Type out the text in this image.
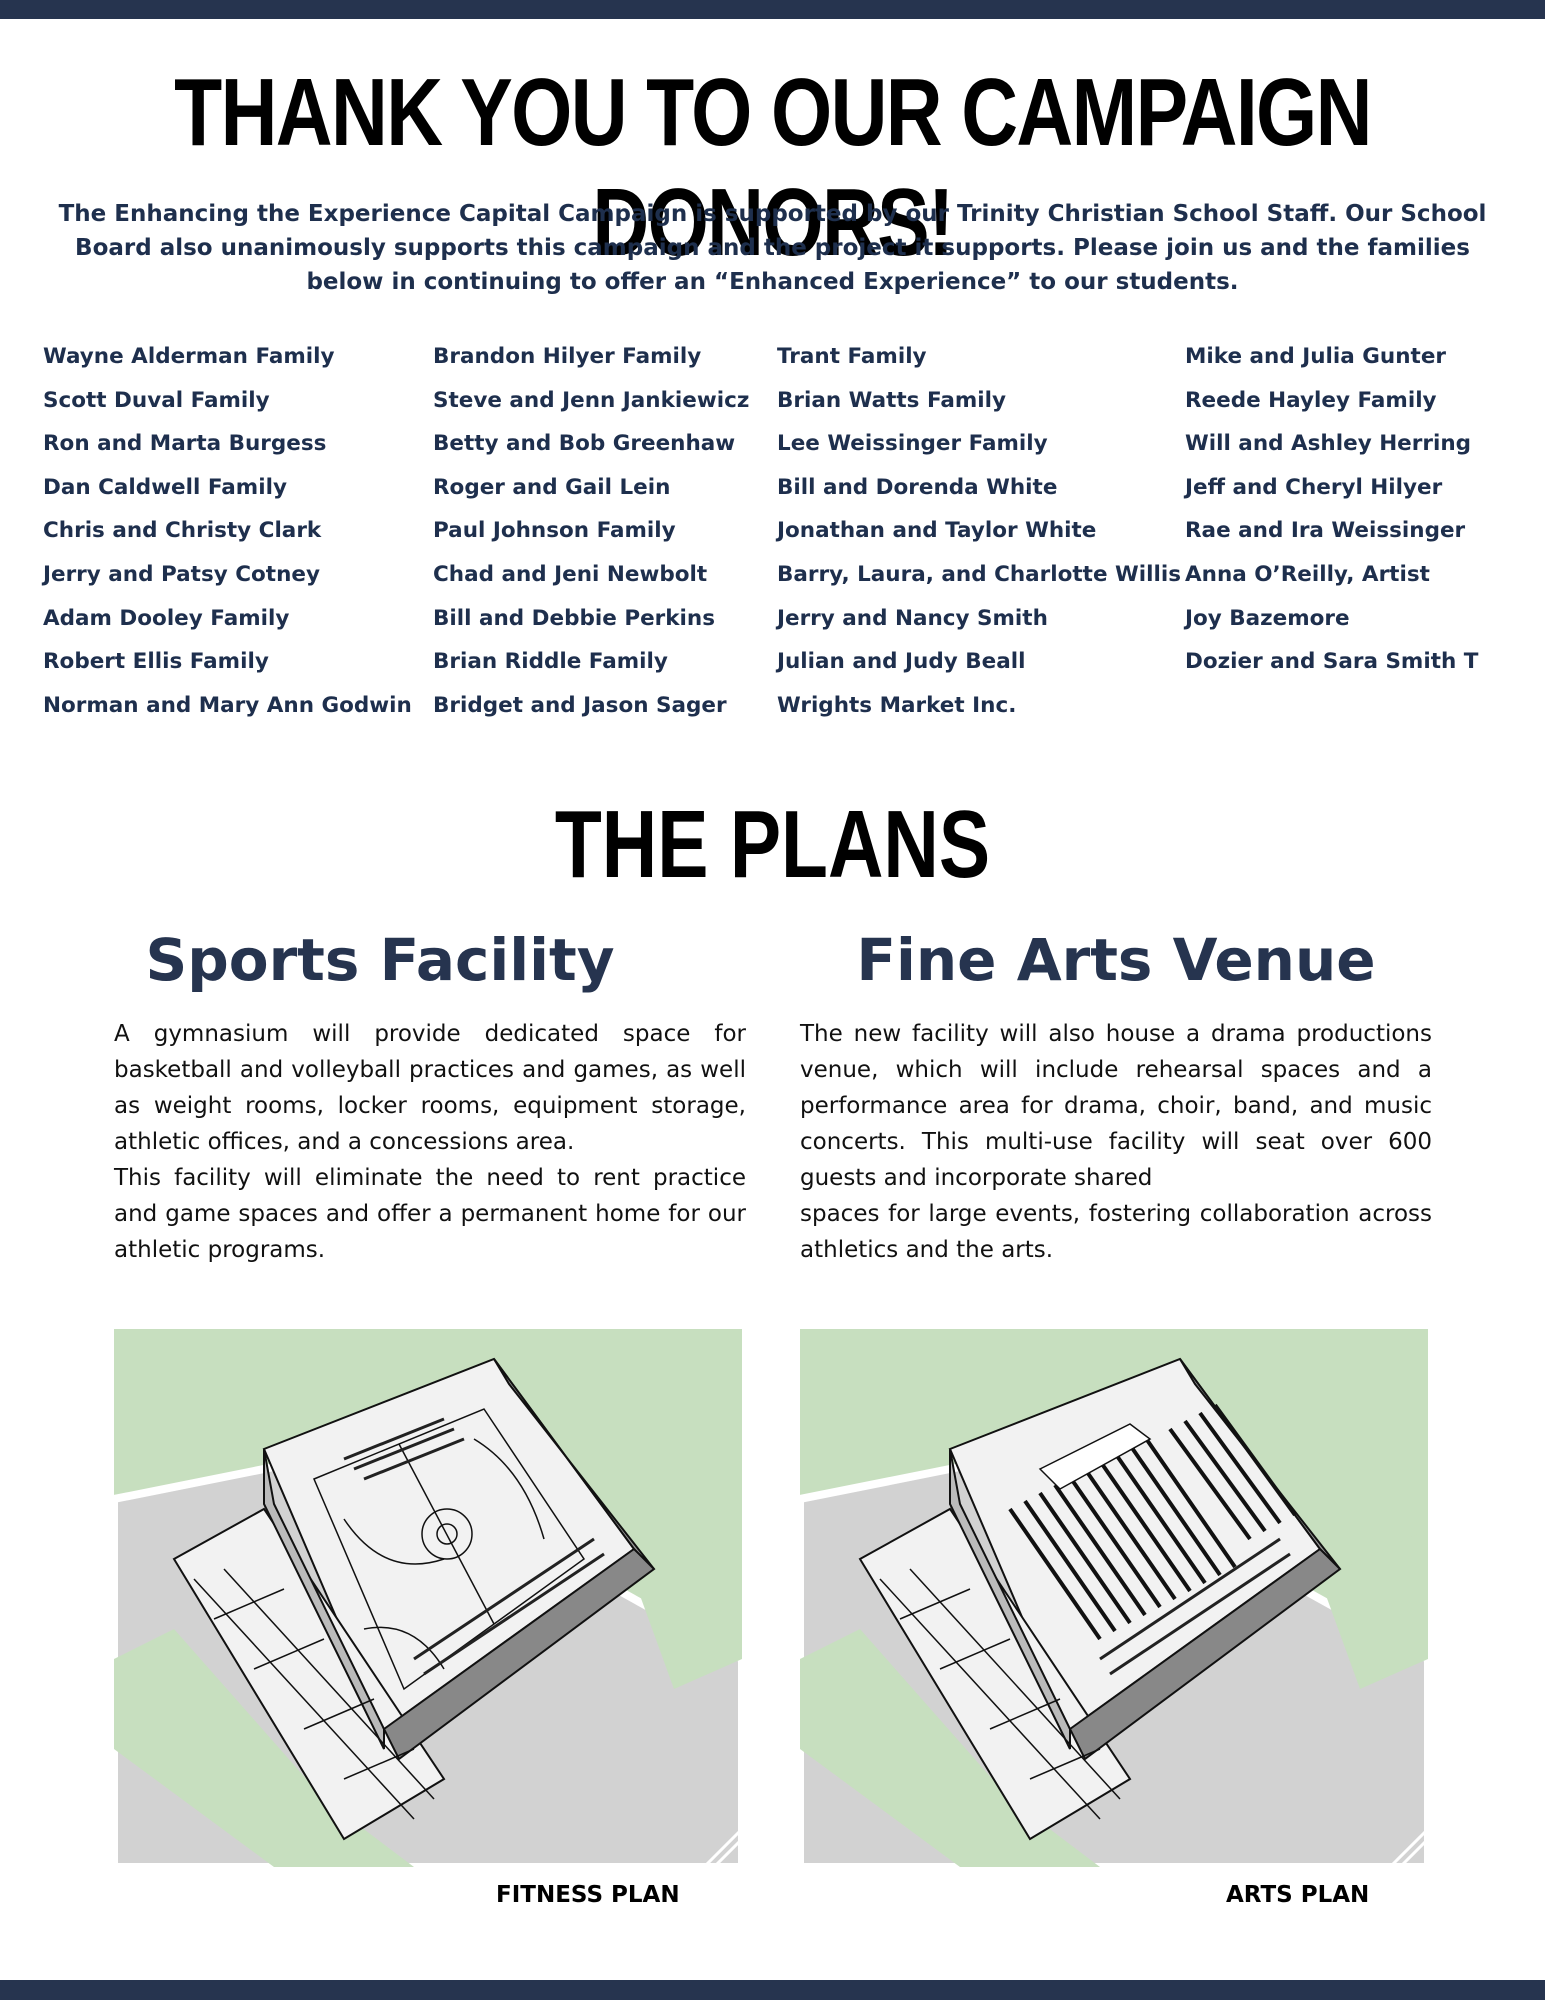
THANK YOU TO OUR CAMPAIGN DONORS!
The Enhancing the Experience Capital Campaign is supported by our Trinity Christian School Staff. Our School Board also unanimously supports this campaign and the project it supports. Please join us and the families below in continuing to offer an “Enhanced Experience” to our students.
Wayne Alderman Family
Scott Duval Family
Ron and Marta Burgess
Dan Caldwell Family
Chris and Christy Clark
Jerry and Patsy Cotney
Adam Dooley Family
Robert Ellis Family
Norman and Mary Ann Godwin
Brandon Hilyer Family
Steve and Jenn Jankiewicz
Betty and Bob Greenhaw
Roger and Gail Lein
Paul Johnson Family
Chad and Jeni Newbolt
Bill and Debbie Perkins
Brian Riddle Family
Bridget and Jason Sager
Trant Family
Brian Watts Family
Lee Weissinger Family
Bill and Dorenda White
Jonathan and Taylor White
Barry, Laura, and Charlotte Willis
Jerry and Nancy Smith
Julian and Judy Beall
Wrights Market Inc.
Mike and Julia Gunter
Reede Hayley Family
Will and Ashley Herring
Jeff and Cheryl Hilyer
Rae and Ira Weissinger
Anna O’Reilly, Artist
Joy Bazemore
Dozier and Sara Smith T
THE PLANS
Sports Facility	Fine Arts Venue

A gymnasium will provide dedicated space for basketball and volleyball practices and games, as well as weight rooms, locker rooms, equipment storage, athletic offices, and a concessions area.

This facility will eliminate the need to rent practice and game spaces and offer a permanent home for our athletic programs.

The new facility will also house a drama productions venue, which will include rehearsal spaces and a performance area for drama, choir, band, and music concerts. This multi-use facility will seat over 600 guests and incorporate shared

spaces for large events, fostering collaboration across athletics and the arts.

FITNESS PLAN	ARTS PLAN
